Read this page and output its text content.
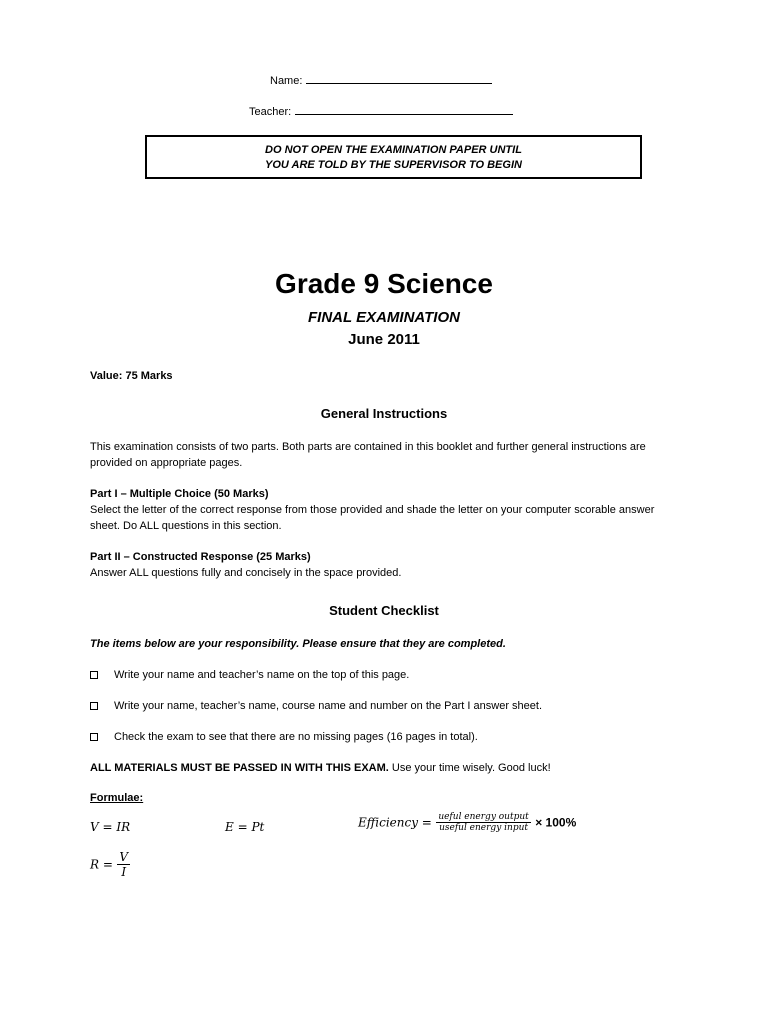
Name:
Teacher:
DO NOT OPEN THE EXAMINATION PAPER UNTIL
YOU ARE TOLD BY THE SUPERVISOR TO BEGIN
Grade 9 Science
FINAL EXAMINATION
June 2011
Value: 75 Marks
General Instructions
This examination consists of two parts. Both parts are contained in this booklet and further general instructions are provided on appropriate pages.
Part I – Multiple Choice (50 Marks)
Select the letter of the correct response from those provided and shade the letter on your computer scorable answer sheet. Do ALL questions in this section.
Part II – Constructed Response (25 Marks)
Answer ALL questions fully and concisely in the space provided.
Student Checklist
The items below are your responsibility. Please ensure that they are completed.
Write your name and teacher’s name on the top of this page.
Write your name, teacher’s name, course name and number on the Part I answer sheet.
Check the exam to see that there are no missing pages (16 pages in total).
ALL MATERIALS MUST BE PASSED IN WITH THIS EXAM. Use your time wisely. Good luck!
Formulae:
V = IR	E = Pt	Efficiency = $\frac{\text{ueful energy output}}{\text{useful energy input}} \times 100\%$
$R = \frac{V}{I}$
